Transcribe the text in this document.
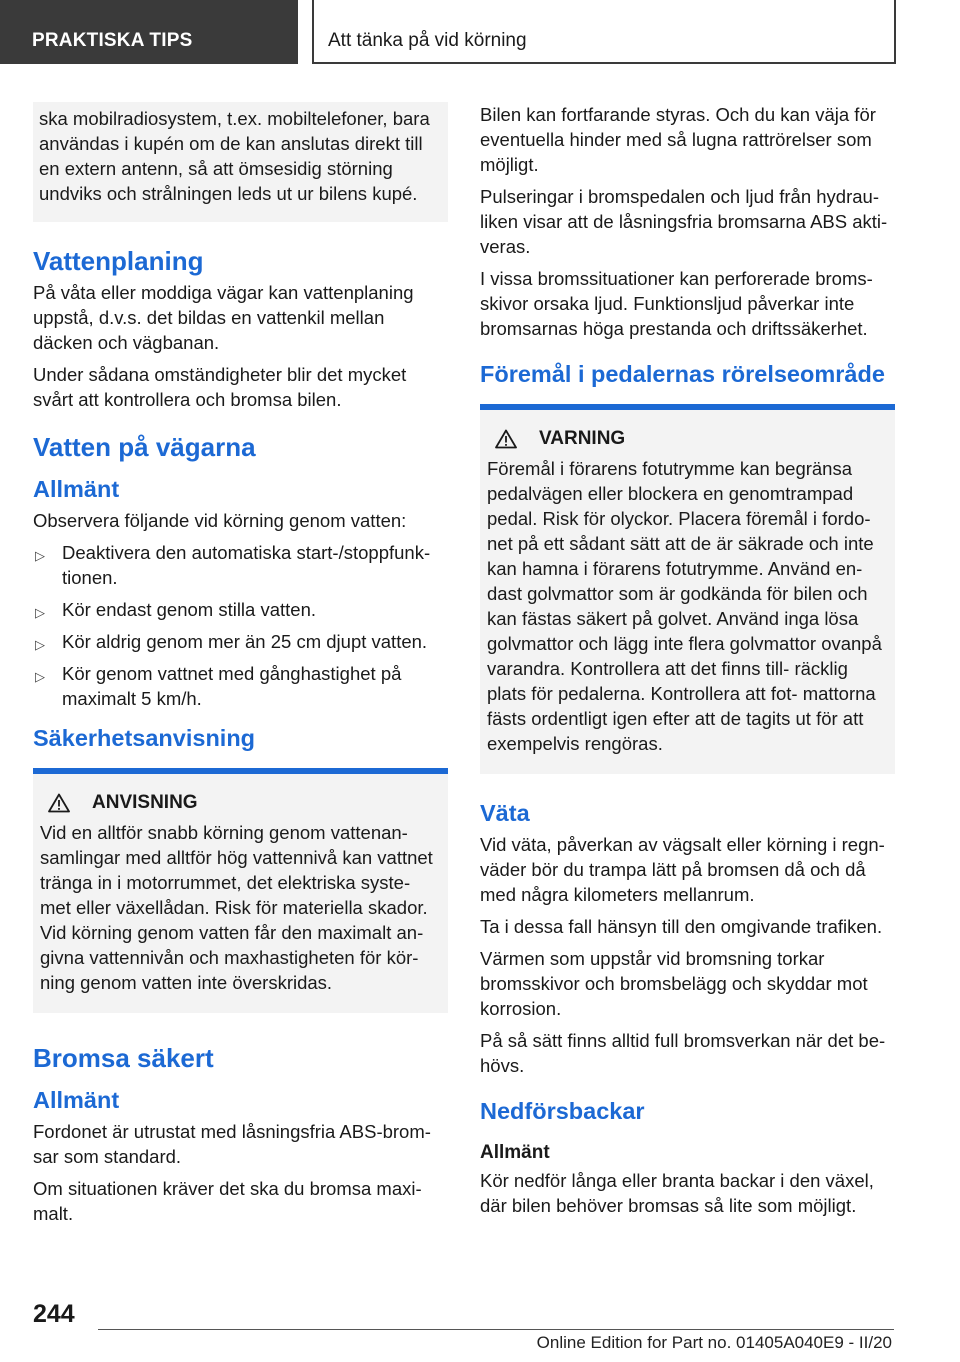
PRAKTISKA TIPS	Att tänka på vid körning

ska mobilradiosystem, t.ex. mobiltelefoner, bara användas i kupén om de kan anslutas direkt till en extern antenn, så att ömsesidig störning undviks och strålningen leds ut ur bilens kupé.

Vattenplaning

På våta eller moddiga vägar kan vattenplaning uppstå, d.v.s. det bildas en vattenkil mellan däcken och vägbanan.

Under sådana omständigheter blir det mycket svårt att kontrollera och bromsa bilen.

Vatten på vägarna
Allmänt

Observera följande vid körning genom vatten:

▷ Deaktivera den automatiska start-/stoppfunk‐ tionen.
▷ Kör endast genom stilla vatten.
▷ Kör aldrig genom mer än 25 cm djupt vatten.
▷ Kör genom vattnet med gånghastighet på maximalt 5 km/h.
Säkerhetsanvisning
ANVISNING

Vid en alltför snabb körning genom vattenan‐ samlingar med alltför hög vattennivå kan vattnet tränga in i motorrummet, det elektriska syste‐ met eller växellådan. Risk för materiella skador. Vid körning genom vatten får den maximalt an‐ givna vattennivån och maxhastigheten för kör‐ ning genom vatten inte överskridas.

Bromsa säkert
Allmänt

Fordonet är utrustat med låsningsfria ABS-brom‐ sar som standard.

Om situationen kräver det ska du bromsa maxi‐ malt.

Bilen kan fortfarande styras. Och du kan väja för eventuella hinder med så lugna rattrörelser som möjligt.

Pulseringar i bromspedalen och ljud från hydrau‐ liken visar att de låsningsfria bromsarna ABS akti‐ veras.

I vissa bromssituationer kan perforerade broms‐ skivor orsaka ljud. Funktionsljud påverkar inte bromsarnas höga prestanda och driftssäkerhet.

Föremål i pedalernas rörelseområde
VARNING

Föremål i förarens fotutrymme kan begränsa pedalvägen eller blockera en genomtrampad pedal. Risk för olyckor. Placera föremål i fordo‐ net på ett sådant sätt att de är säkrade och inte kan hamna i förarens fotutrymme. Använd en‐ dast golvmattor som är godkända för bilen och kan fästas säkert på golvet. Använd inga lösa golvmattor och lägg inte flera golvmattor ovanpå varandra. Kontrollera att det finns till‐ räcklig plats för pedalerna. Kontrollera att fot‐ mattorna fästs ordentligt igen efter att de tagits ut för att exempelvis rengöras.

Väta

Vid väta, påverkan av vägsalt eller körning i regn‐ väder bör du trampa lätt på bromsen då och då med några kilometers mellanrum.

Ta i dessa fall hänsyn till den omgivande trafiken.

Värmen som uppstår vid bromsning torkar bromsskivor och bromsbelägg och skyddar mot korrosion.

På så sätt finns alltid full bromsverkan när det be‐ hövs.

Nedförsbackar
Allmänt

Kör nedför långa eller branta backar i den växel, där bilen behöver bromsas så lite som möjligt.

244
Online Edition for Part no. 01405A040E9 - II/20
